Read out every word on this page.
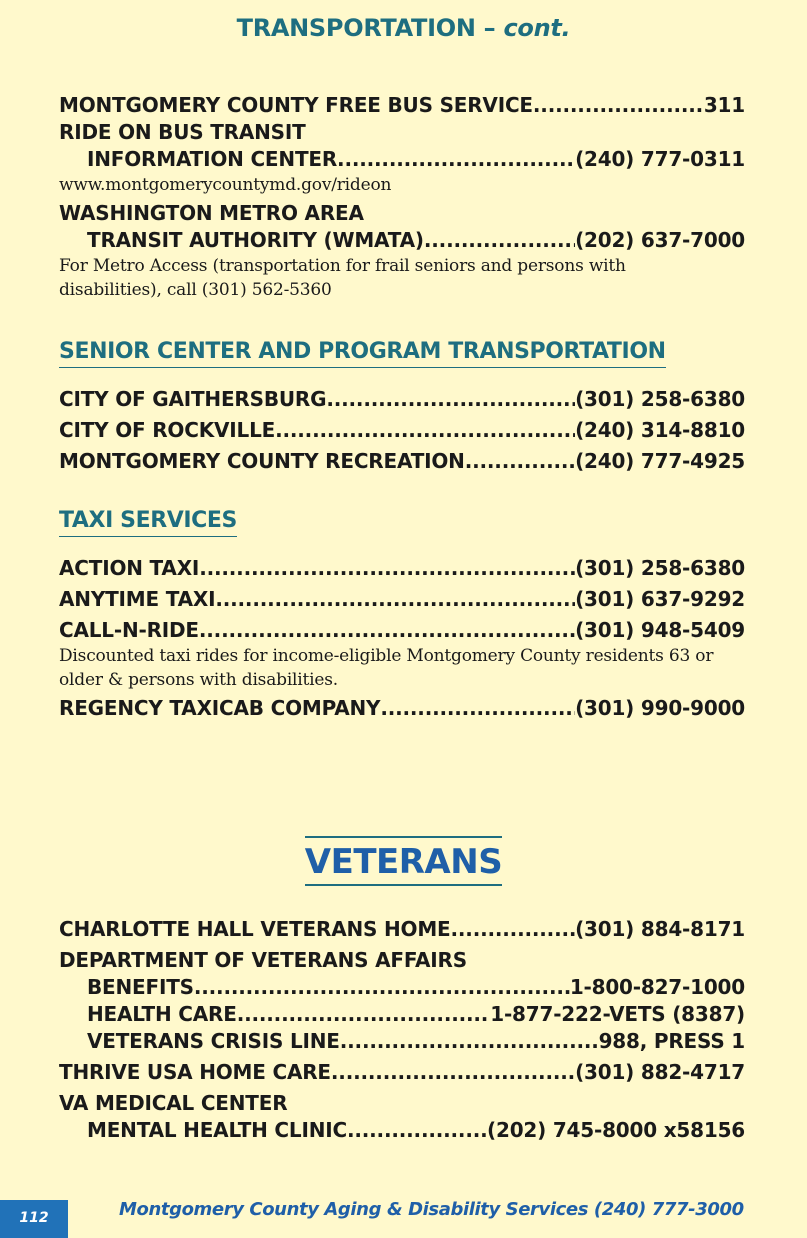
TRANSPORTATION – cont.
MONTGOMERY COUNTY FREE BUS SERVICE .....	311
RIDE ON BUS TRANSIT
INFORMATION CENTER .....	(240) 777-0311
www.montgomerycountymd.gov/rideon
WASHINGTON METRO AREA
TRANSIT AUTHORITY (WMATA) .....	(202) 637-7000
For Metro Access (transportation for frail seniors and persons with disabilities), call (301) 562-5360
SENIOR CENTER AND PROGRAM TRANSPORTATION
CITY OF GAITHERSBURG .....	(301) 258-6380
CITY OF ROCKVILLE .....	(240) 314-8810
MONTGOMERY COUNTY RECREATION .....	(240) 777-4925
TAXI SERVICES
ACTION TAXI .....	(301) 258-6380
ANYTIME TAXI .....	(301) 637-9292
CALL-N-RIDE .....	(301) 948-5409
Discounted taxi rides for income-eligible Montgomery County residents 63 or older & persons with disabilities.
REGENCY TAXICAB COMPANY .....	(301) 990-9000
VETERANS
CHARLOTTE HALL VETERANS HOME .....	(301) 884-8171
DEPARTMENT OF VETERANS AFFAIRS
BENEFITS .....	1-800-827-1000
HEALTH CARE .....	1-877-222-VETS (8387)
VETERANS CRISIS LINE .....	988, PRESS 1
THRIVE USA HOME CARE .....	(301) 882-4717
VA MEDICAL CENTER
MENTAL HEALTH CLINIC .....	(202) 745-8000 x58156
112	Montgomery County Aging & Disability Services (240) 777-3000
